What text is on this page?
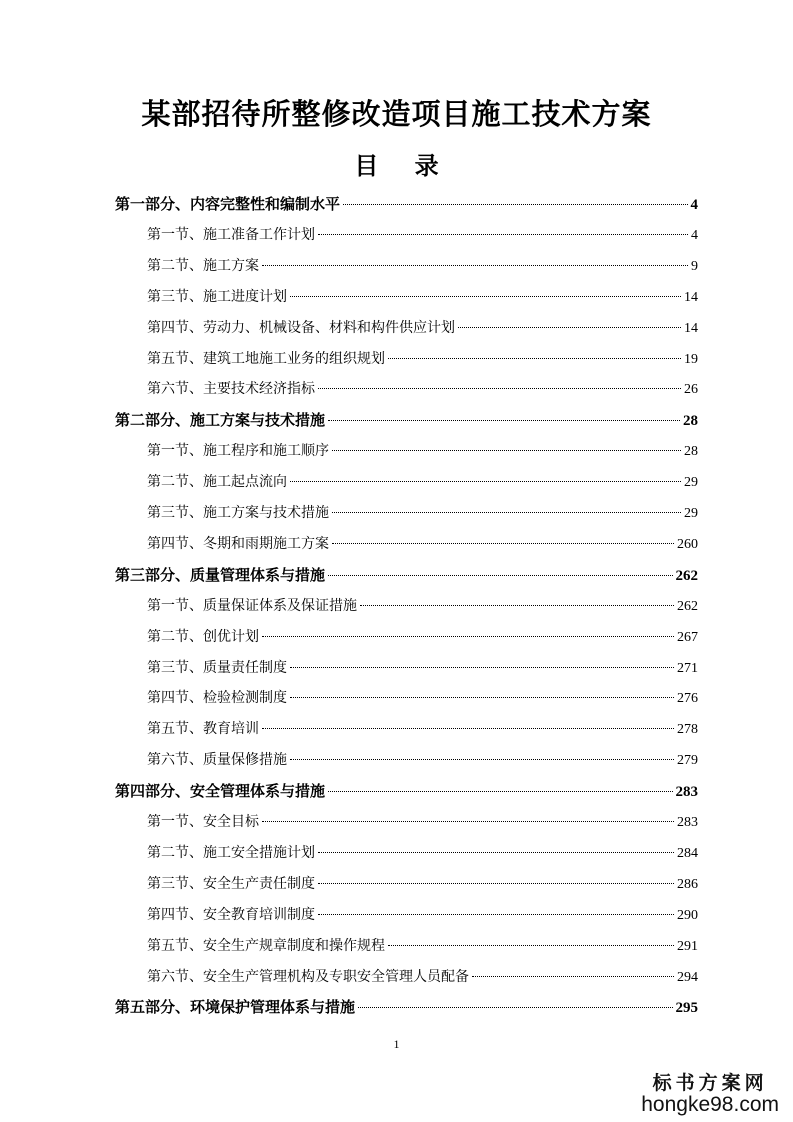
某部招待所整修改造项目施工技术方案
目 录
第一部分、内容完整性和编制水平	4
第一节、施工准备工作计划	4
第二节、施工方案	9
第三节、施工进度计划	14
第四节、劳动力、机械设备、材料和构件供应计划	14
第五节、建筑工地施工业务的组织规划	19
第六节、主要技术经济指标	26
第二部分、施工方案与技术措施	28
第一节、施工程序和施工顺序	28
第二节、施工起点流向	29
第三节、施工方案与技术措施	29
第四节、冬期和雨期施工方案	260
第三部分、质量管理体系与措施	262
第一节、质量保证体系及保证措施	262
第二节、创优计划	267
第三节、质量责任制度	271
第四节、检验检测制度	276
第五节、教育培训	278
第六节、质量保修措施	279
第四部分、安全管理体系与措施	283
第一节、安全目标	283
第二节、施工安全措施计划	284
第三节、安全生产责任制度	286
第四节、安全教育培训制度	290
第五节、安全生产规章制度和操作规程	291
第六节、安全生产管理机构及专职安全管理人员配备	294
第五部分、环境保护管理体系与措施	295
1
标书方案网
hongke98.com
